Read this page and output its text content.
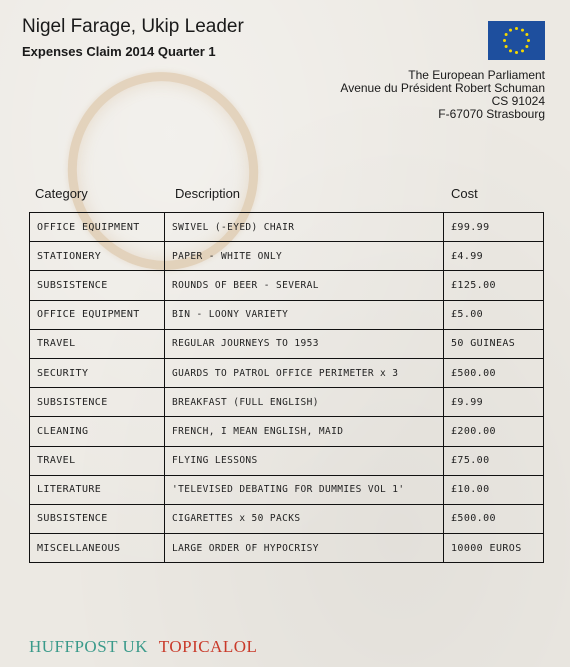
Nigel Farage, Ukip Leader
Expenses Claim 2014 Quarter 1
The European Parliament
Avenue du Président Robert Schuman
CS 91024
F-67070 Strasbourg
Category	Description	Cost
OFFICE EQUIPMENT	SWIVEL (-EYED) CHAIR	£99.99
STATIONERY	PAPER - WHITE ONLY	£4.99
SUBSISTENCE	ROUNDS OF BEER - SEVERAL	£125.00
OFFICE EQUIPMENT	BIN - LOONY VARIETY	£5.00
TRAVEL	REGULAR JOURNEYS TO 1953	50 GUINEAS
SECURITY	GUARDS TO PATROL OFFICE PERIMETER x 3	£500.00
SUBSISTENCE	BREAKFAST (FULL ENGLISH)	£9.99
CLEANING	FRENCH, I MEAN ENGLISH, MAID	£200.00
TRAVEL	FLYING LESSONS	£75.00
LITERATURE	'TELEVISED DEBATING FOR DUMMIES VOL 1'	£10.00
SUBSISTENCE	CIGARETTES x 50 PACKS	£500.00
MISCELLANEOUS	LARGE ORDER OF HYPOCRISY	10000 EUROS
HUFFPOST UK TOPICALOL
